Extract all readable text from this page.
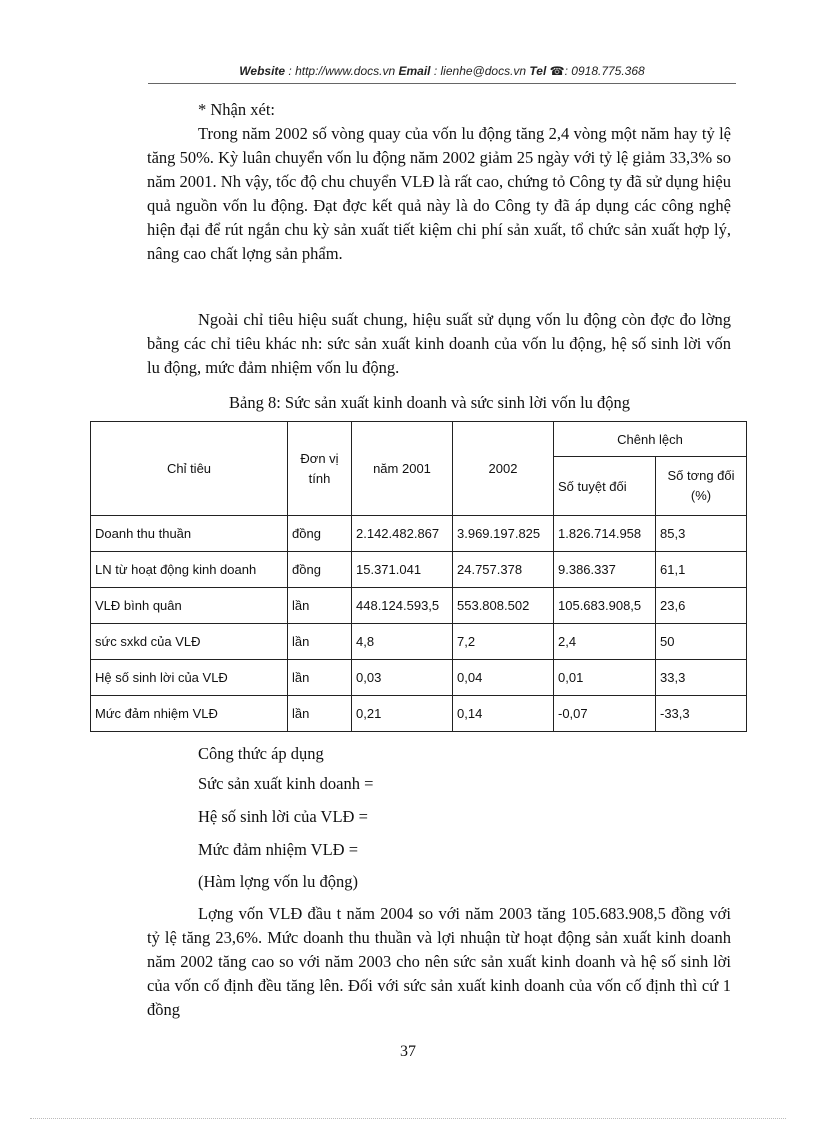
Website : http://www.docs.vn Email : lienhe@docs.vn Tel ☎: 0918.775.368
* Nhận xét:
Trong năm 2002 số vòng quay của vốn lu động tăng 2,4 vòng một năm hay tỷ lệ tăng 50%. Kỳ luân chuyển vốn lu động năm 2002 giảm 25 ngày với tỷ lệ giảm 33,3% so năm 2001. Nh vậy, tốc độ chu chuyển VLĐ là rất cao, chứng tỏ Công ty đã sử dụng hiệu quả nguồn vốn lu động. Đạt đợc kết quả này là do Công ty đã áp dụng các công nghệ hiện đại để rút ngắn chu kỳ sản xuất tiết kiệm chi phí sản xuất, tổ chức sản xuất hợp lý, nâng cao chất lợng sản phẩm.
Ngoài chỉ tiêu hiệu suất chung, hiệu suất sử dụng vốn lu động còn đợc đo lờng bằng các chỉ tiêu khác nh: sức sản xuất kinh doanh của vốn lu động, hệ số sinh lời vốn lu động, mức đảm nhiệm vốn lu động.
Bảng 8: Sức sản xuất kinh doanh và sức sinh lời vốn lu động
Chỉ tiêu	Đơn vị tính	năm 2001	2002	Chênh lệch	
				Số tuyệt đối	Số tơng đối (%)
Doanh thu thuần	đồng	2.142.482.867	3.969.197.825	1.826.714.958	85,3
LN từ hoạt động kinh doanh	đồng	15.371.041	24.757.378	9.386.337	61,1
VLĐ bình quân	lần	448.124.593,5	553.808.502	105.683.908,5	23,6
sức sxkd của VLĐ	lần	4,8	7,2	2,4	50
Hệ số sinh lời của VLĐ	lần	0,03	0,04	0,01	33,3
Mức đảm nhiệm VLĐ	lần	0,21	0,14	-0,07	-33,3
Công thức áp dụng
Sức sản xuất kinh doanh =
Hệ số sinh lời của VLĐ =
Mức đảm nhiệm VLĐ =
(Hàm lợng vốn lu động)
Lợng vốn VLĐ đầu t năm 2004 so với năm 2003 tăng 105.683.908,5 đồng với tỷ lệ tăng 23,6%. Mức doanh thu thuần và lợi nhuận từ hoạt động sản xuất kinh doanh năm 2002 tăng cao so với năm 2003 cho nên sức sản xuất kinh doanh và hệ số sinh lời của vốn cố định đều tăng lên. Đối với sức sản xuất kinh doanh của vốn cố định thì cứ 1 đồng
37
